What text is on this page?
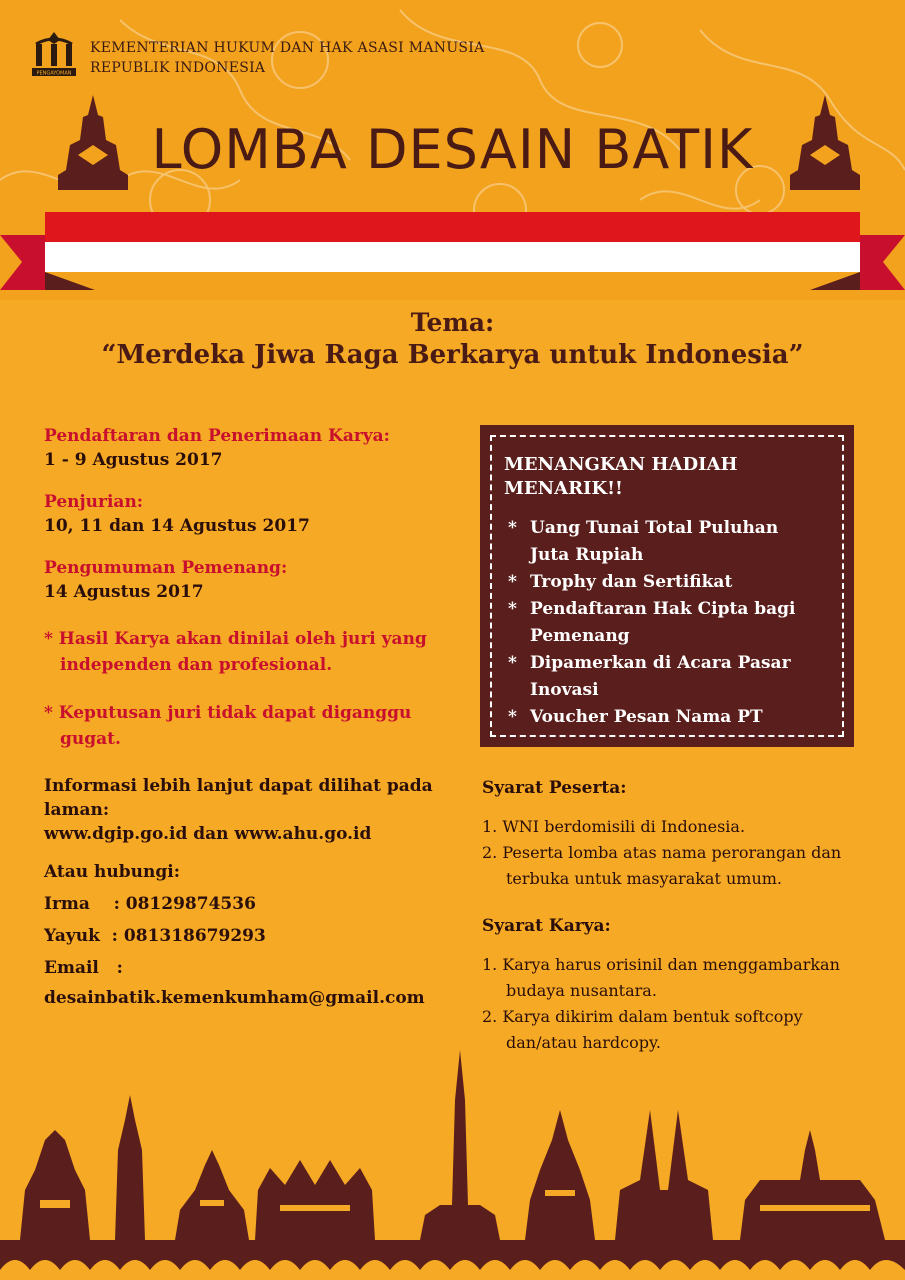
PENGAYOMAN
KEMENTERIAN HUKUM DAN HAK ASASI MANUSIA
REPUBLIK INDONESIA
LOMBA DESAIN BATIK
Tema:
“Merdeka Jiwa Raga Berkarya untuk Indonesia”
Pendaftaran dan Penerimaan Karya:
1 - 9 Agustus 2017
Penjurian:
10, 11 dan 14 Agustus 2017
Pengumuman Pemenang:
14 Agustus 2017
* Hasil Karya akan dinilai oleh juri yang independen dan profesional.
* Keputusan juri tidak dapat diganggu gugat.
Informasi lebih lanjut dapat dilihat pada laman:
www.dgip.go.id dan www.ahu.go.id
Atau hubungi:
Irma    : 08129874536
Yayuk  : 081318679293
Email   :
desainbatik.kemenkumham@gmail.com
MENANGKAN HADIAH
MENARIK!!
* Uang Tunai Total Puluhan Juta Rupiah
* Trophy dan Sertifikat
* Pendaftaran Hak Cipta bagi Pemenang
* Dipamerkan di Acara Pasar Inovasi
* Voucher Pesan Nama PT
Syarat Peserta:
1. WNI berdomisili di Indonesia.
2. Peserta lomba atas nama perorangan dan terbuka untuk masyarakat umum.
Syarat Karya:
1. Karya harus orisinil dan menggambarkan budaya nusantara.
2. Karya dikirim dalam bentuk softcopy dan/atau hardcopy.
